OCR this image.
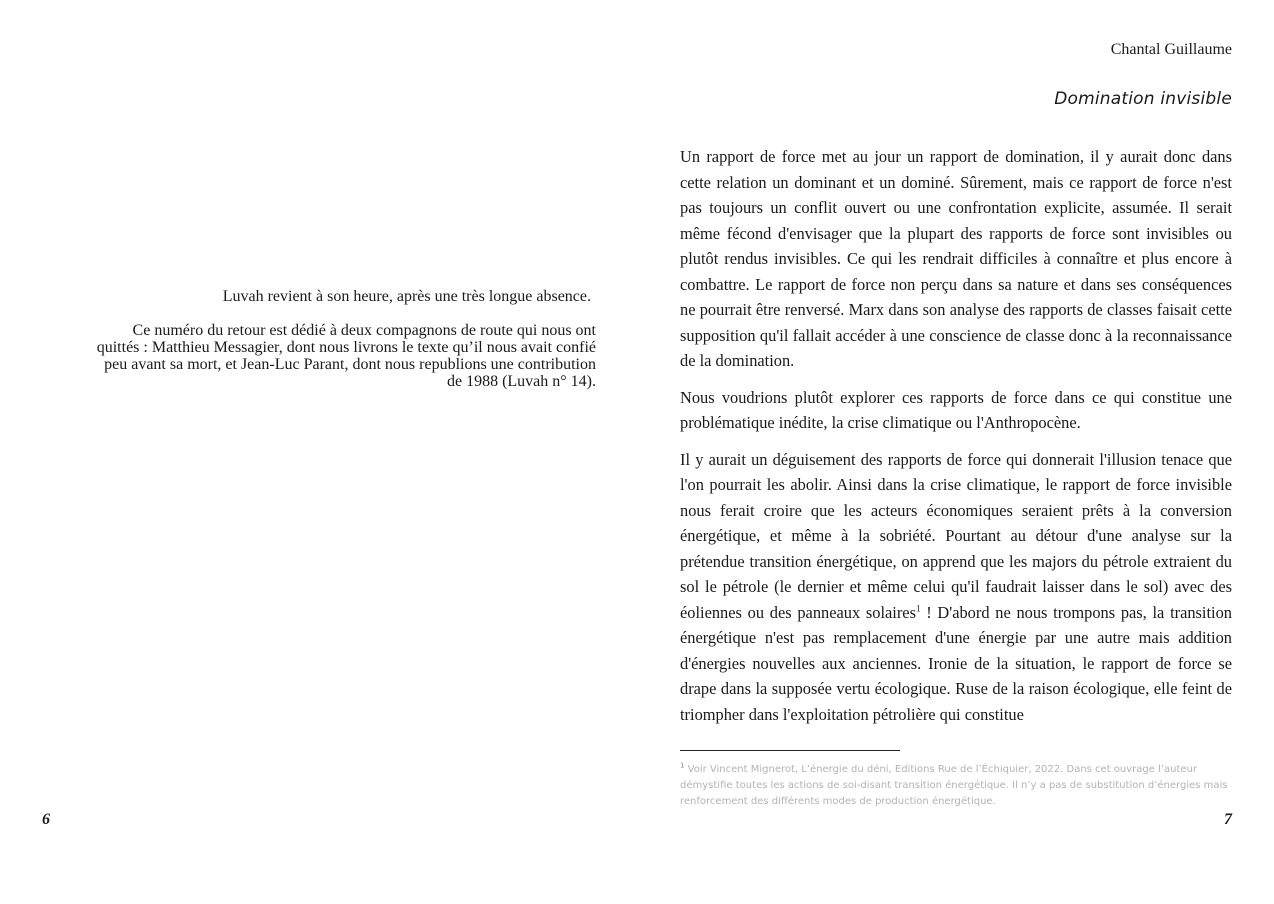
Luvah revient à son heure, après une très longue absence.

Ce numéro du retour est dédié à deux compagnons de route qui nous ont
quittés : Matthieu Messagier, dont nous livrons le texte qu’il nous avait confié
peu avant sa mort, et Jean-Luc Parant, dont nous republions une contribution
de 1988 (Luvah n° 14).

6
Chantal Guillaume
Domination invisible

Un rapport de force met au jour un rapport de domination, il y aurait donc dans cette relation un dominant et un dominé. Sûrement, mais ce rapport de force n'est pas toujours un conflit ouvert ou une confrontation explicite, assumée. Il serait même fécond d'envisager que la plupart des rapports de force sont invisibles ou plutôt rendus invisibles. Ce qui les rendrait difficiles à connaître et plus encore à combattre. Le rapport de force non perçu dans sa nature et dans ses conséquences ne pourrait être renversé. Marx dans son analyse des rapports de classes faisait cette supposition qu'il fallait accéder à une conscience de classe donc à la reconnaissance de la domination.

Nous voudrions plutôt explorer ces rapports de force dans ce qui constitue une problématique inédite, la crise climatique ou l'Anthropocène.

Il y aurait un déguisement des rapports de force qui donnerait l'illusion tenace que l'on pourrait les abolir. Ainsi dans la crise climatique, le rapport de force invisible nous ferait croire que les acteurs économiques seraient prêts à la conversion énergétique, et même à la sobriété. Pourtant au détour d'une analyse sur la prétendue transition énergétique, on apprend que les majors du pétrole extraient du sol le pétrole (le dernier et même celui qu'il faudrait laisser dans le sol) avec des éoliennes ou des panneaux solaires$^1$ ! D'abord ne nous trompons pas, la transition énergétique n'est pas remplacement d'une énergie par une autre mais addition d'énergies nouvelles aux anciennes. Ironie de la situation, le rapport de force se drape dans la supposée vertu écologique. Ruse de la raison écologique, elle feint de triompher dans l'exploitation pétrolière qui constitue

$^1$ Voir Vincent Mignerot, L’énergie du déni, Editions Rue de l’Échiquier, 2022. Dans cet ouvrage l’auteur démystifie toutes les actions de soi-disant transition énergétique. Il n’y a pas de substitution d’énergies mais renforcement des différents modes de production énergétique.
7
